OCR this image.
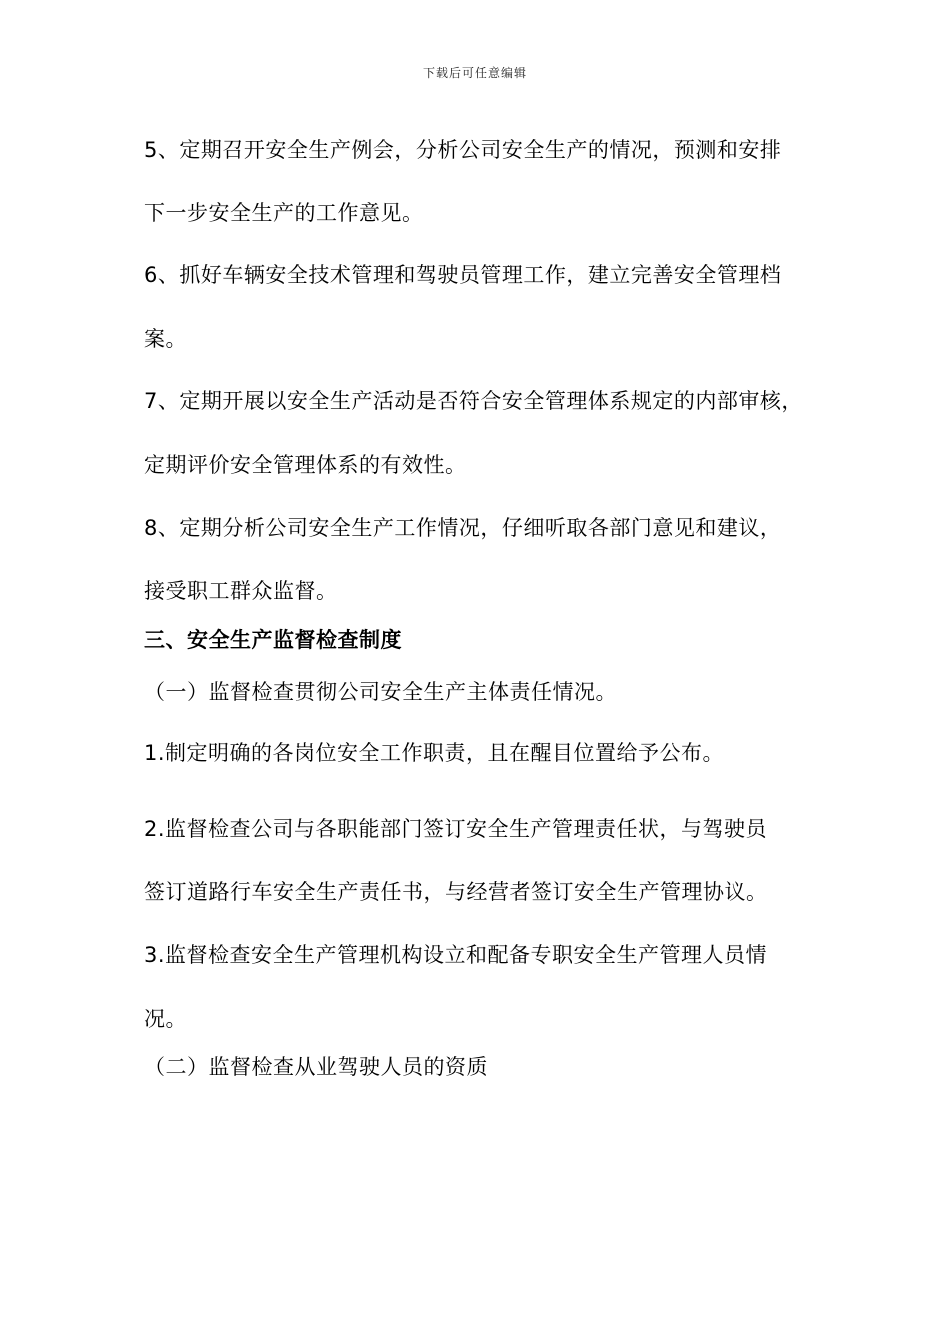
下载后可任意编辑
5、定期召开安全生产例会，分析公司安全生产的情况，预测和安排
下一步安全生产的工作意见。
6、抓好车辆安全技术管理和驾驶员管理工作，建立完善安全管理档
案。
7、定期开展以安全生产活动是否符合安全管理体系规定的内部审核，
定期评价安全管理体系的有效性。
8、定期分析公司安全生产工作情况，仔细听取各部门意见和建议，
接受职工群众监督。
三、安全生产监督检查制度
（一）监督检查贯彻公司安全生产主体责任情况。
1.制定明确的各岗位安全工作职责，且在醒目位置给予公布。
2.监督检查公司与各职能部门签订安全生产管理责任状，与驾驶员
签订道路行车安全生产责任书，与经营者签订安全生产管理协议。
3.监督检查安全生产管理机构设立和配备专职安全生产管理人员情
况。
（二）监督检查从业驾驶人员的资质
